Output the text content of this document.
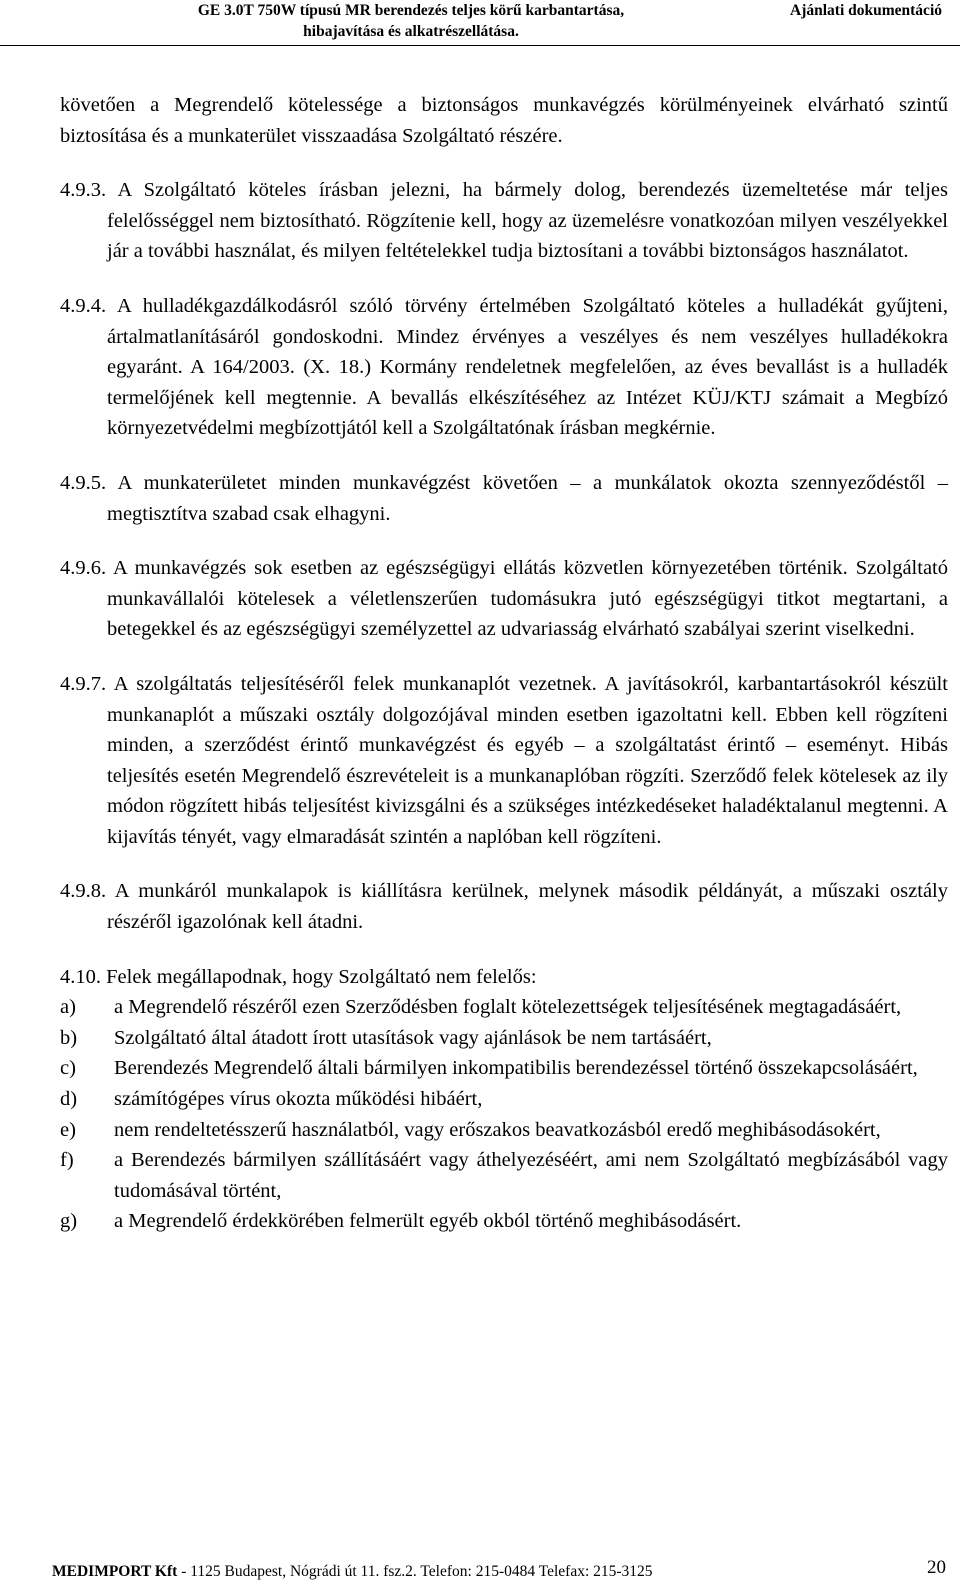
GE 3.0T 750W típusú MR berendezés teljes körű karbantartása,
hibajavítása és alkatrészellátása.
Ajánlati dokumentáció

követően a Megrendelő kötelessége a biztonságos munkavégzés körülményeinek elvárható szintű biztosítása és a munkaterület visszaadása Szolgáltató részére.

4.9.3. A Szolgáltató köteles írásban jelezni, ha bármely dolog, berendezés üzemeltetése már teljes felelősséggel nem biztosítható. Rögzítenie kell, hogy az üzemelésre vonatkozóan milyen veszélyekkel jár a további használat, és milyen feltételekkel tudja biztosítani a további biztonságos használatot.

4.9.4. A hulladékgazdálkodásról szóló törvény értelmében Szolgáltató köteles a hulladékát gyűjteni, ártalmatlanításáról gondoskodni. Mindez érvényes a veszélyes és nem veszélyes hulladékokra egyaránt. A 164/2003. (X. 18.) Kormány rendeletnek megfelelően, az éves bevallást is a hulladék termelőjének kell megtennie. A bevallás elkészítéséhez az Intézet KÜJ/KTJ számait a Megbízó környezetvédelmi megbízottjától kell a Szolgáltatónak írásban megkérnie.

4.9.5. A munkaterületet minden munkavégzést követően – a munkálatok okozta szennyeződéstől – megtisztítva szabad csak elhagyni.

4.9.6. A munkavégzés sok esetben az egészségügyi ellátás közvetlen környezetében történik. Szolgáltató munkavállalói kötelesek a véletlenszerűen tudomásukra jutó egészségügyi titkot megtartani, a betegekkel és az egészségügyi személyzettel az udvariasság elvárható szabályai szerint viselkedni.

4.9.7. A szolgáltatás teljesítéséről felek munkanaplót vezetnek. A javításokról, karbantartásokról készült munkanaplót a műszaki osztály dolgozójával minden esetben igazoltatni kell. Ebben kell rögzíteni minden, a szerződést érintő munkavégzést és egyéb – a szolgáltatást érintő – eseményt. Hibás teljesítés esetén Megrendelő észrevételeit is a munkanaplóban rögzíti. Szerződő felek kötelesek az ily módon rögzített hibás teljesítést kivizsgálni és a szükséges intézkedéseket haladéktalanul megtenni. A kijavítás tényét, vagy elmaradását szintén a naplóban kell rögzíteni.

4.9.8. A munkáról munkalapok is kiállításra kerülnek, melynek második példányát, a műszaki osztály részéről igazolónak kell átadni.

4.10. Felek megállapodnak, hogy Szolgáltató nem felelős:

a) a Megrendelő részéről ezen Szerződésben foglalt kötelezettségek teljesítésének megtagadásáért,
b) Szolgáltató által átadott írott utasítások vagy ajánlások be nem tartásáért,
c) Berendezés Megrendelő általi bármilyen inkompatibilis berendezéssel történő összekapcsolásáért,
d) számítógépes vírus okozta működési hibáért,
e) nem rendeltetésszerű használatból, vagy erőszakos beavatkozásból eredő meghibásodásokért,
f) a Berendezés bármilyen szállításáért vagy áthelyezéséért, ami nem Szolgáltató megbízásából vagy tudomásával történt,
g) a Megrendelő érdekkörében felmerült egyéb okból történő meghibásodásért.
MEDIMPORT Kft - 1125 Budapest, Nógrádi út 11. fsz.2. Telefon: 215-0484 Telefax: 215-3125	20
